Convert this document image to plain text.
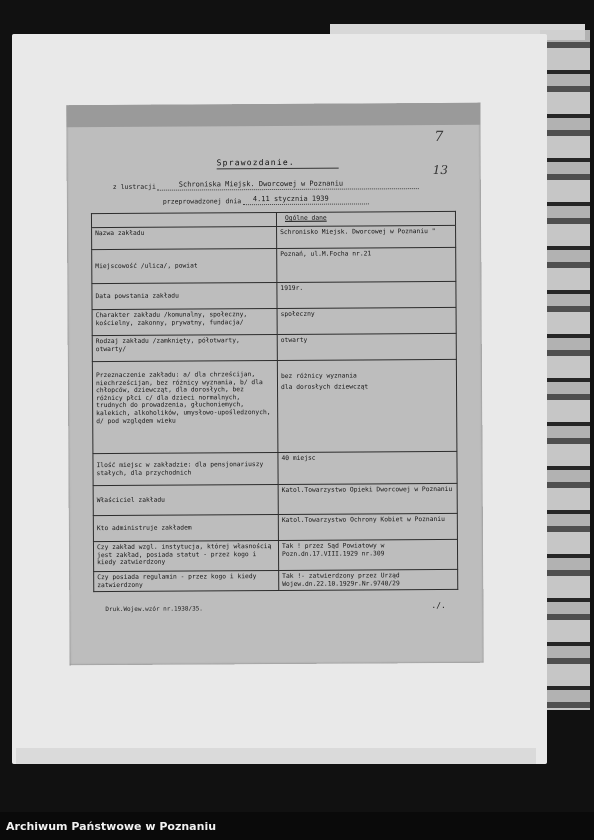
7
13
Sprawozdanie.
z lustracji	Schroniska Miejsk. Dworcowej w Poznaniu
przeprowadzonej dnia 4.11 stycznia 1939
	Ogólne dane
Nazwa zakładu	Schronisko Miejsk. Dworcowej w Poznaniu "
Miejscowość /ulica/, powiat	Poznań, ul.M.Focha nr.21
Data powstania zakładu	1919r.
Charakter zakładu /komunalny, społeczny, kościelny, zakonny, prywatny, fundacja/	społeczny
Rodzaj zakładu /zamknięty, półotwarty, otwarty/	otwarty
Przeznaczenie zakładu: a/ dla chrześcijan, niechrześcijan, bez różnicy wyznania, b/ dla chłopców, dziewcząt, dla dorosłych, bez różnicy płci c/ dla dzieci normalnych, trudnych do prowadzenia, głuchoniemych, kalekich, alkoholików, umysłowo-upośledzonych, d/ pod względem wieku	bez różnicy wyznania
dla dorosłych dziewcząt
Ilość miejsc w zakładzie: dla pensjonariuszy stałych, dla przychodnich	40 miejsc
Właściciel zakładu	Katol.Towarzystwo Opieki Dworcowej w Poznaniu
Kto administruje zakładem	Katol.Towarzystwo Ochrony Kobiet w Poznaniu
Czy zakład wzgl. instytucja, której własnością jest zakład, posiada statut - przez kogo i kiedy zatwierdzony	Tak ! przez Sąd Powiatowy w Pozn.dn.17.VIII.1929 nr.309
Czy posiada regulamin - przez kogo i kiedy zatwierdzony	Tak !- zatwierdzony przez Urząd Wojew.dn.22.10.1929r.Nr.9740/29
Druk.Wojew.wzór nr.1938/35.	./.
Archiwum Państwowe w Poznaniu
